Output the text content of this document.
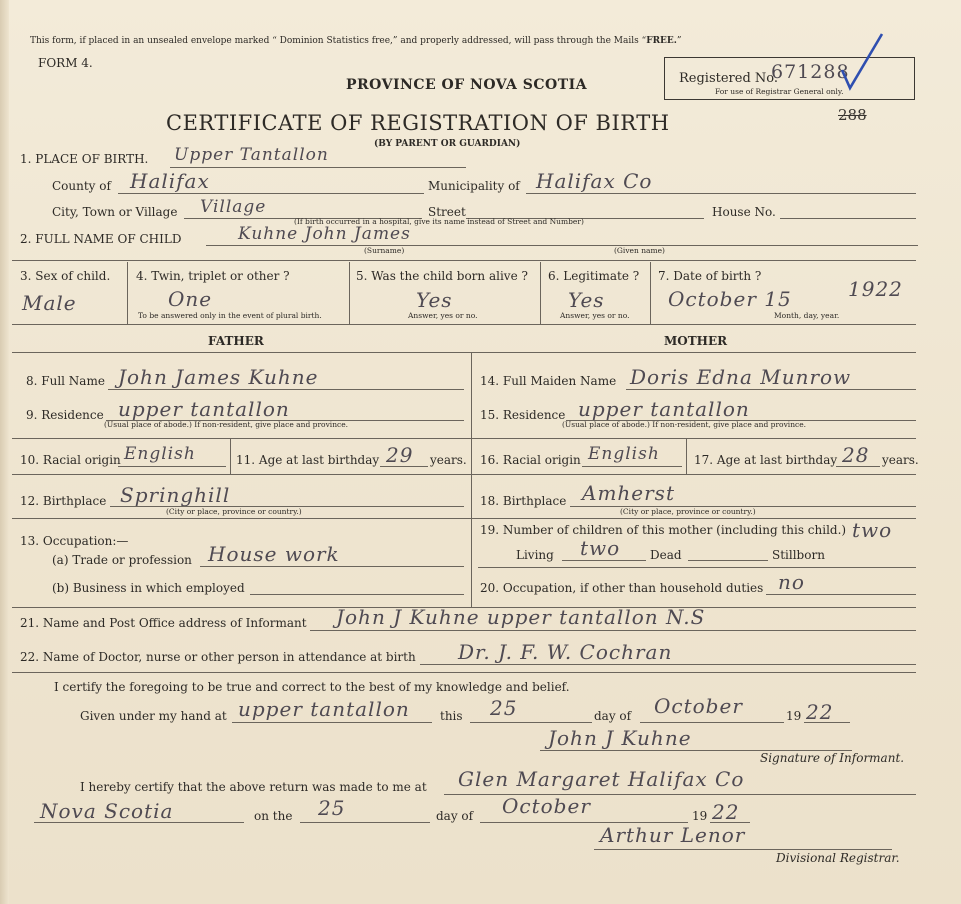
This form, if placed in an unsealed envelope marked “ Dominion Statistics free,” and properly addressed, will pass through the Mails “FREE.”
FORM 4.
PROVINCE OF NOVA SCOTIA	Registered No.
671288
For use of Registrar General only.
CERTIFICATE OF REGISTRATION OF BIRTH
(BY PARENT OR GUARDIAN)
288
1. PLACE OF BIRTH. Upper Tantallon
County of Halifax	Municipality of Halifax Co
City, Town or Village Village	Street
(If birth occurred in a hospital, give its name instead of Street and Number)
House No.
2. FULL NAME OF CHILD	Kuhne John James
(Surname)	(Given name)
3. Sex of child.
Male
4. Twin, triplet or other ?
One
To be answered only in the event of plural birth.
5. Was the child born alive ?
Yes
Answer, yes or no.
6. Legitimate ?
Yes
Answer, yes or no.
7. Date of birth ?
October 15	1922
Month, day, year.
FATHER	MOTHER
8. Full Name John James Kuhne
9. Residence upper tantallon
(Usual place of abode.) If non-resident, give place and province.
10. Racial origin English	11. Age at last birthday 29 years.
12. Birthplace Springhill
(City or place, province or country.)
13. Occupation:—
(a) Trade or profession House work
(b) Business in which employed
14. Full Maiden Name Doris Edna Munrow
15. Residence upper tantallon
(Usual place of abode.) If non-resident, give place and province.
16. Racial origin English	17. Age at last birthday 28 years.
18. Birthplace Amherst
(City or place, province or country.)
19. Number of children of this mother (including this child.) two
Living two Dead	Stillborn
20. Occupation, if other than household duties no
21. Name and Post Office address of Informant John J Kuhne upper tantallon N.S
22. Name of Doctor, nurse or other person in attendance at birth Dr. J. F. W. Cochran
I certify the foregoing to be true and correct to the best of my knowledge and belief.
Given under my hand at upper tantallon	this 25	day of October	19 22
John J Kuhne
Signature of Informant.
I hereby certify that the above return was made to me at Glen Margaret Halifax Co
Nova Scotia	on the 25	day of October	19 22
Arthur Lenor
Divisional Registrar.
